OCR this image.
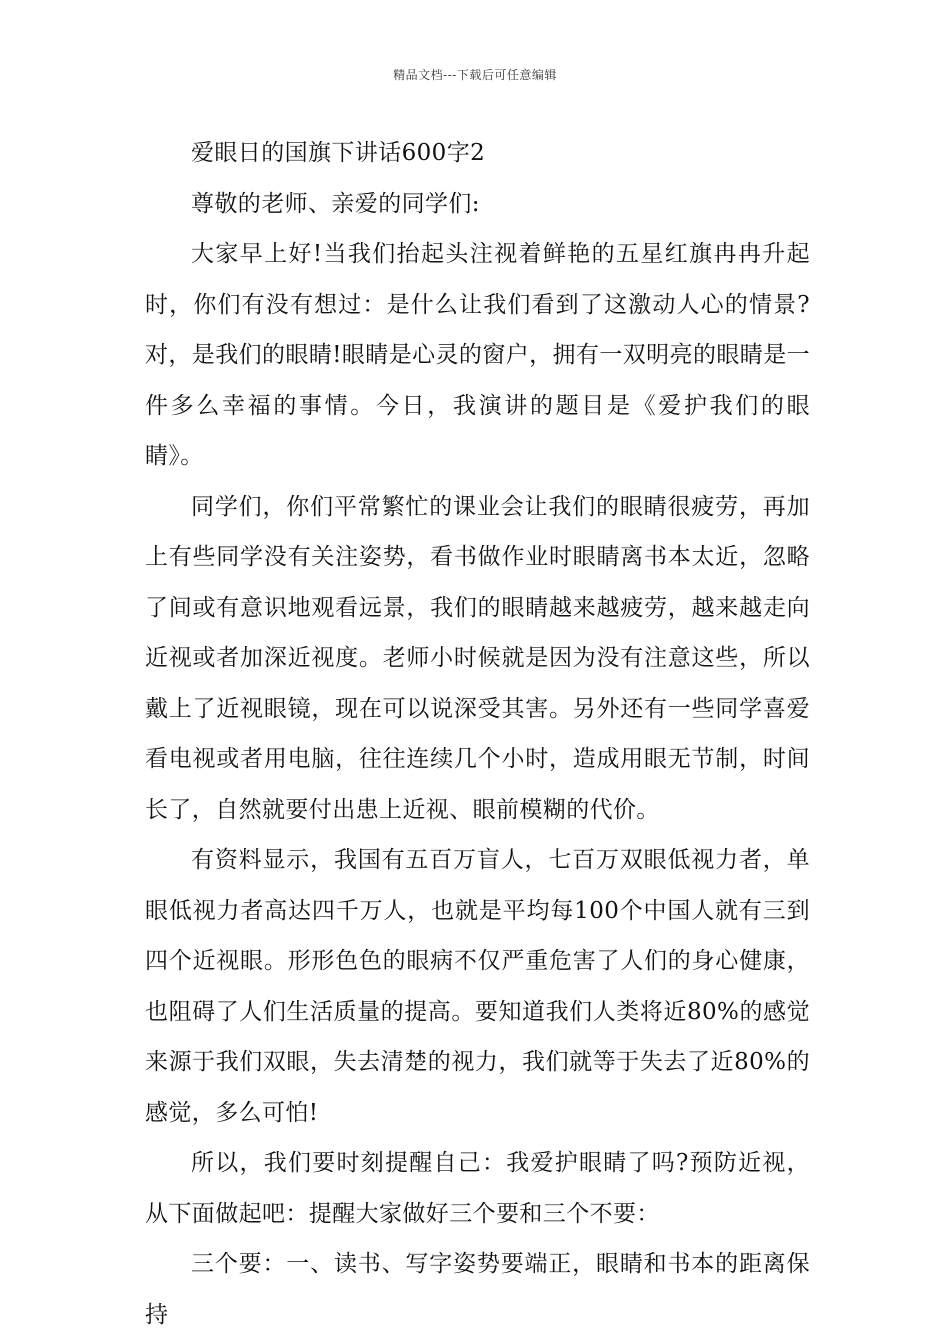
精品文档---下载后可任意编辑

爱眼日的国旗下讲话600字2

尊敬的老师、亲爱的同学们:

大家早上好!当我们抬起头注视着鲜艳的五星红旗冉冉升起时，你们有没有想过：是什么让我们看到了这激动人心的情景?对，是我们的眼睛!眼睛是心灵的窗户，拥有一双明亮的眼睛是一件多么幸福的事情。今日，我演讲的题目是《爱护我们的眼睛》。

同学们，你们平常繁忙的课业会让我们的眼睛很疲劳，再加上有些同学没有关注姿势，看书做作业时眼睛离书本太近，忽略了间或有意识地观看远景，我们的眼睛越来越疲劳，越来越走向近视或者加深近视度。老师小时候就是因为没有注意这些，所以戴上了近视眼镜，现在可以说深受其害。另外还有一些同学喜爱看电视或者用电脑，往往连续几个小时，造成用眼无节制，时间长了，自然就要付出患上近视、眼前模糊的代价。

有资料显示，我国有五百万盲人，七百万双眼低视力者，单眼低视力者高达四千万人，也就是平均每100个中国人就有三到四个近视眼。形形色色的眼病不仅严重危害了人们的身心健康，也阻碍了人们生活质量的提高。要知道我们人类将近80%的感觉来源于我们双眼，失去清楚的视力，我们就等于失去了近80%的感觉，多么可怕!

所以，我们要时刻提醒自己：我爱护眼睛了吗?预防近视，从下面做起吧：提醒大家做好三个要和三个不要：

三个要：一、读书、写字姿势要端正，眼睛和书本的距离保持
